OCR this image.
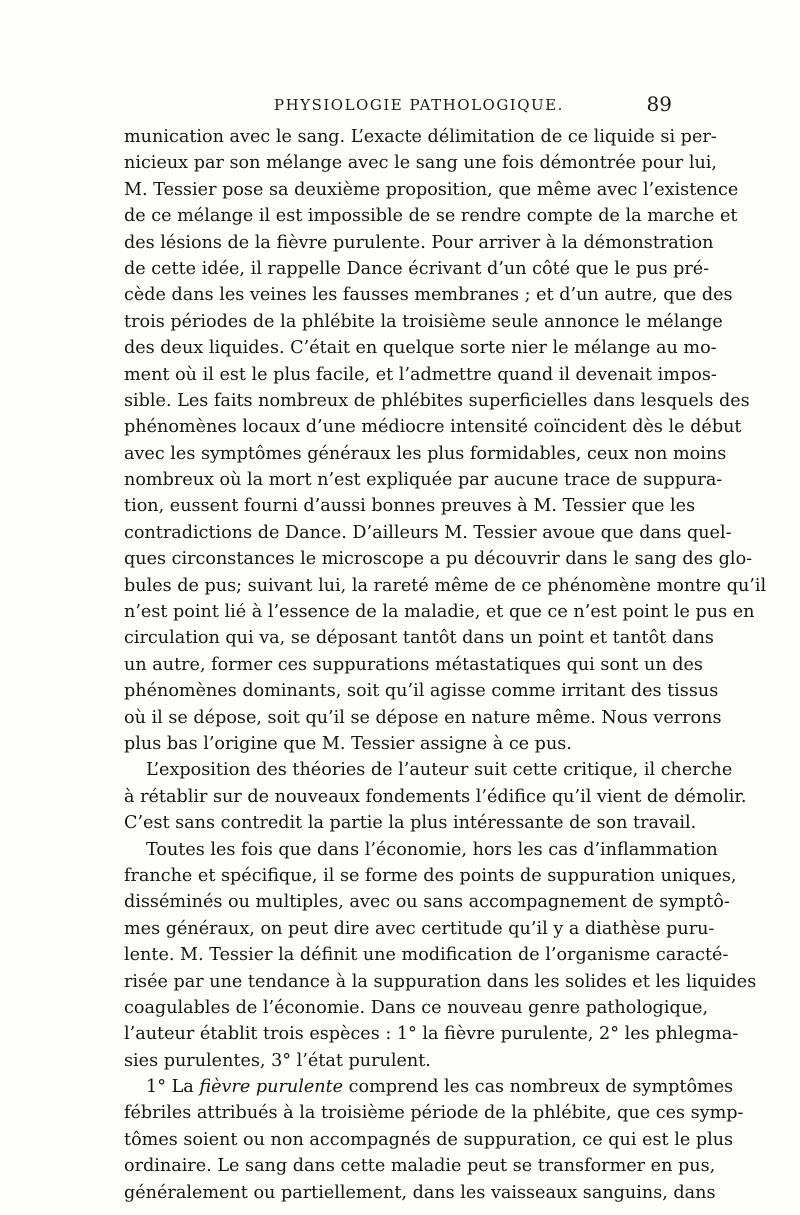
PHYSIOLOGIE PATHOLOGIQUE.	89
munication avec le sang. L’exacte délimitation de ce liquide si per-
nicieux par son mélange avec le sang une fois démontrée pour lui,
M. Tessier pose sa deuxième proposition, que même avec l’existence
de ce mélange il est impossible de se rendre compte de la marche et
des lésions de la fièvre purulente. Pour arriver à la démonstration
de cette idée, il rappelle Dance écrivant d’un côté que le pus pré-
cède dans les veines les fausses membranes ; et d’un autre, que des
trois périodes de la phlébite la troisième seule annonce le mélange
des deux liquides. C’était en quelque sorte nier le mélange au mo-
ment où il est le plus facile, et l’admettre quand il devenait impos-
sible. Les faits nombreux de phlébites superficielles dans lesquels des
phénomènes locaux d’une médiocre intensité coïncident dès le début
avec les symptômes généraux les plus formidables, ceux non moins
nombreux où la mort n’est expliquée par aucune trace de suppura-
tion, eussent fourni d’aussi bonnes preuves à M. Tessier que les
contradictions de Dance. D’ailleurs M. Tessier avoue que dans quel-
ques circonstances le microscope a pu découvrir dans le sang des glo-
bules de pus; suivant lui, la rareté même de ce phénomène montre qu’il
n’est point lié à l’essence de la maladie, et que ce n’est point le pus en
circulation qui va, se déposant tantôt dans un point et tantôt dans
un autre, former ces suppurations métastatiques qui sont un des
phénomènes dominants, soit qu’il agisse comme irritant des tissus
où il se dépose, soit qu’il se dépose en nature même. Nous verrons
plus bas l’origine que M. Tessier assigne à ce pus.
L’exposition des théories de l’auteur suit cette critique, il cherche
à rétablir sur de nouveaux fondements l’édifice qu’il vient de démolir.
C’est sans contredit la partie la plus intéressante de son travail.
Toutes les fois que dans l’économie, hors les cas d’inflammation
franche et spécifique, il se forme des points de suppuration uniques,
disséminés ou multiples, avec ou sans accompagnement de symptô-
mes généraux, on peut dire avec certitude qu’il y a diathèse puru-
lente. M. Tessier la définit une modification de l’organisme caracté-
risée par une tendance à la suppuration dans les solides et les liquides
coagulables de l’économie. Dans ce nouveau genre pathologique,
l’auteur établit trois espèces : 1° la fièvre purulente, 2° les phlegma-
sies purulentes, 3° l’état purulent.
1° La fièvre purulente comprend les cas nombreux de symptômes
fébriles attribués à la troisième période de la phlébite, que ces symp-
tômes soient ou non accompagnés de suppuration, ce qui est le plus
ordinaire. Le sang dans cette maladie peut se transformer en pus,
généralement ou partiellement, dans les vaisseaux sanguins, dans
